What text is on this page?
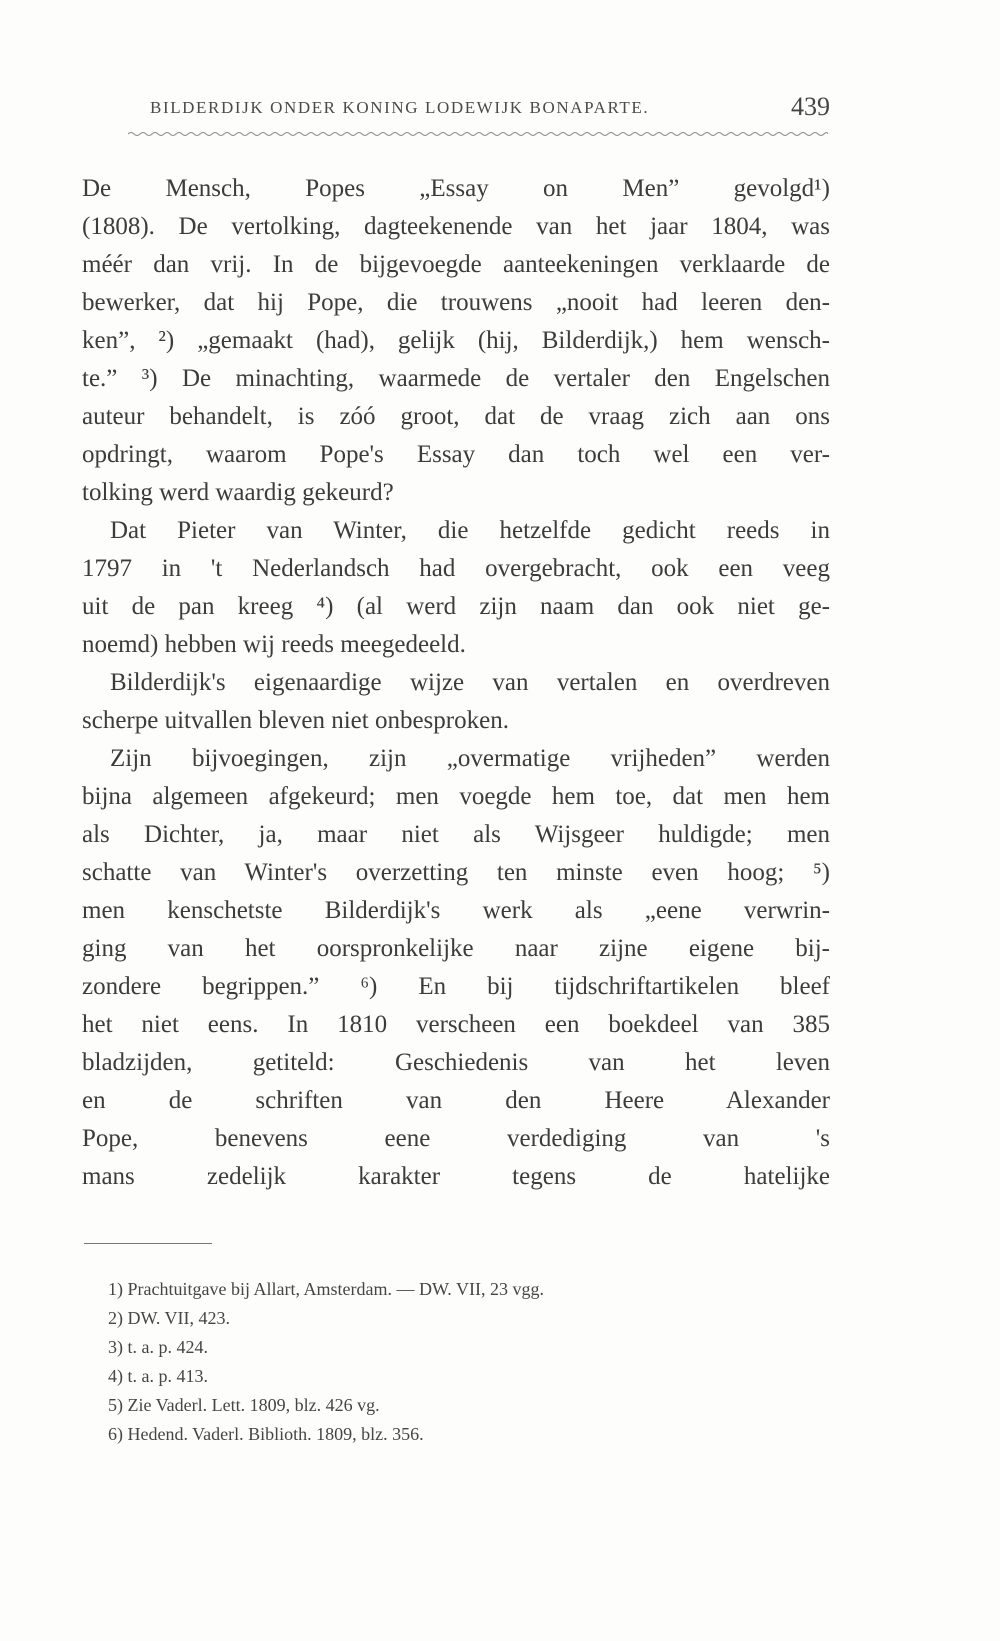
BILDERDIJK ONDER KONING LODEWIJK BONAPARTE.	439
De Mensch, Popes „Essay on Men” gevolgd¹)
(1808). De vertolking, dagteekenende van het jaar 1804, was
méér dan vrij. In de bijgevoegde aanteekeningen verklaarde de
bewerker, dat hij Pope, die trouwens „nooit had leeren den-
ken”, ²) „gemaakt (had), gelijk (hij, Bilderdijk,) hem wensch-
te.” ³) De minachting, waarmede de vertaler den Engelschen
auteur behandelt, is zóó groot, dat de vraag zich aan ons
opdringt, waarom Pope's Essay dan toch wel een ver-
tolking werd waardig gekeurd?
Dat Pieter van Winter, die hetzelfde gedicht reeds in
1797 in 't Nederlandsch had overgebracht, ook een veeg
uit de pan kreeg ⁴) (al werd zijn naam dan ook niet ge-
noemd) hebben wij reeds meegedeeld.
Bilderdijk's eigenaardige wijze van vertalen en overdreven
scherpe uitvallen bleven niet onbesproken.
Zijn bijvoegingen, zijn „overmatige vrijheden” werden
bijna algemeen afgekeurd; men voegde hem toe, dat men hem
als Dichter, ja, maar niet als Wijsgeer huldigde; men
schatte van Winter's overzetting ten minste even hoog; ⁵)
men kenschetste Bilderdijk's werk als „eene verwrin-
ging van het oorspronkelijke naar zijne eigene bij-
zondere begrippen.” ⁶) En bij tijdschriftartikelen bleef
het niet eens. In 1810 verscheen een boekdeel van 385
bladzijden, getiteld: Geschiedenis van het leven
en de schriften van den Heere Alexander
Pope, benevens eene verdediging van 's
mans zedelijk karakter tegens de hatelijke
1) Prachtuitgave bij Allart, Amsterdam. — DW. VII, 23 vgg.
2) DW. VII, 423.
3) t. a. p. 424.
4) t. a. p. 413.
5) Zie Vaderl. Lett. 1809, blz. 426 vg.
6) Hedend. Vaderl. Biblioth. 1809, blz. 356.
